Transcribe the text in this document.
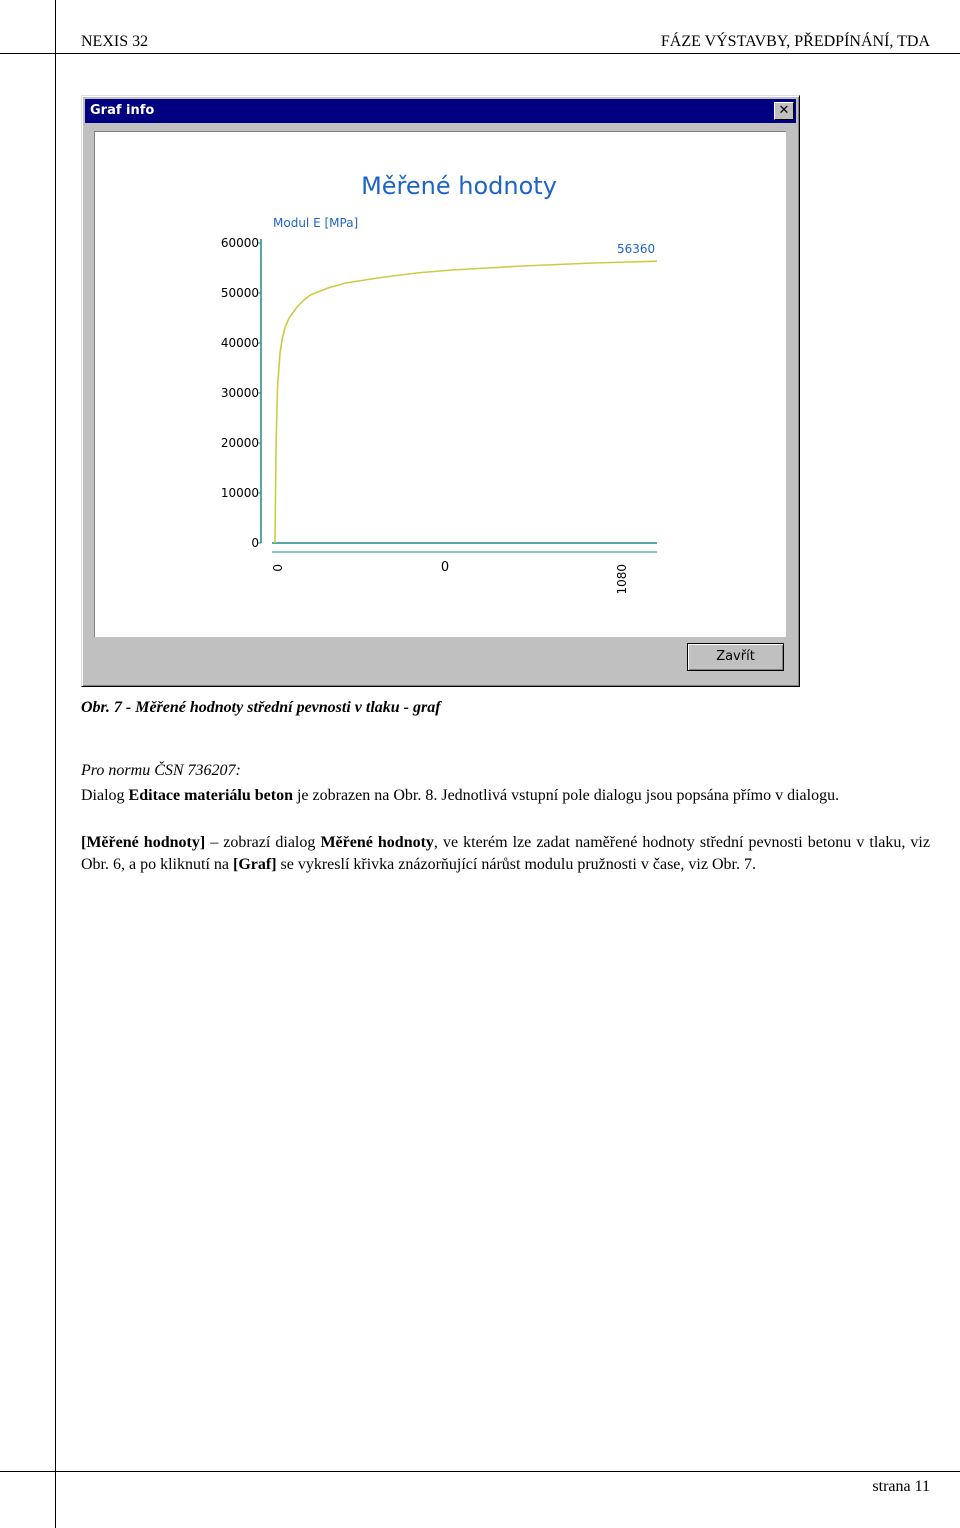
NEXIS 32	FÁZE VÝSTAVBY, PŘEDPÍNÁNÍ, TDA
Graf info	✕
Měřené hodnoty
Modul E [MPa]
60000
50000
40000
30000
20000
10000
0
0	0	1080
56360
Zavřít
Obr. 7 - Měřené hodnoty střední pevnosti v tlaku - graf
Pro normu ČSN 736207:
Dialog Editace materiálu beton je zobrazen na Obr. 8. Jednotlivá vstupní pole dialogu jsou popsána přímo v dialogu.
[Měřené hodnoty] – zobrazí dialog Měřené hodnoty, ve kterém lze zadat naměřené hodnoty střední pevnosti betonu v tlaku, viz Obr. 6, a po kliknutí na [Graf] se vykreslí křivka znázorňující nárůst modulu pružnosti v čase, viz Obr. 7.
strana 11
